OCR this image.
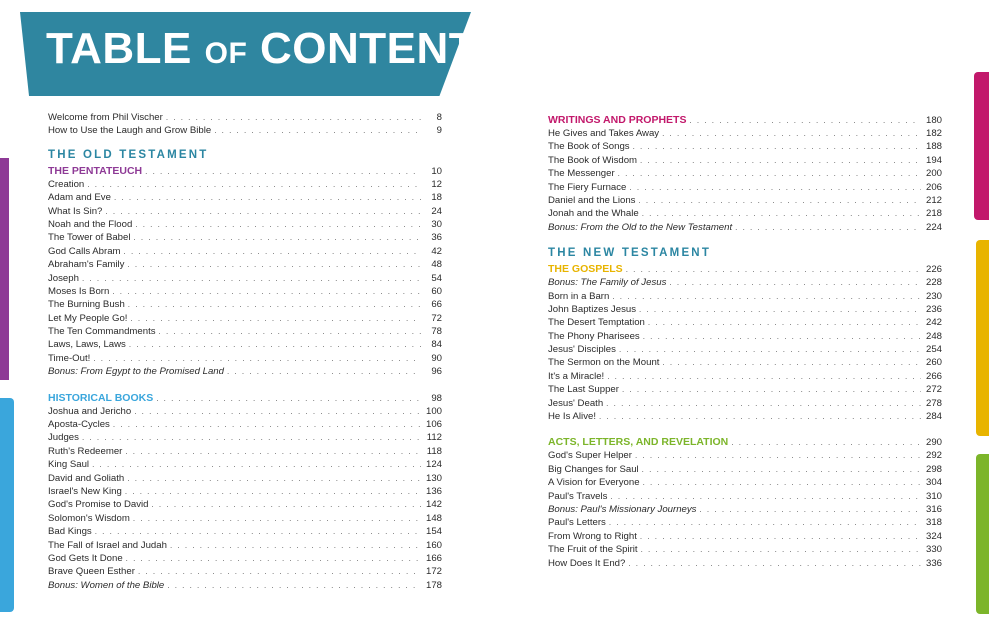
TABLE OF CONTENTS
Welcome from Phil Vischer . . .	8
How to Use the Laugh and Grow Bible . . .	9
THE OLD TESTAMENT
THE PENTATEUCH . . .	10
Creation . . .	12
Adam and Eve . . .	18
What Is Sin? . . .	24
Noah and the Flood . . .	30
The Tower of Babel . . .	36
God Calls Abram . . .	42
Abraham's Family . . .	48
Joseph . . .	54
Moses Is Born . . .	60
The Burning Bush . . .	66
Let My People Go! . . .	72
The Ten Commandments . . .	78
Laws, Laws, Laws . . .	84
Time-Out! . . .	90
Bonus: From Egypt to the Promised Land . . .	96
HISTORICAL BOOKS . . .	98
Joshua and Jericho . . .	100
Aposta-Cycles . . .	106
Judges . . .	112
Ruth's Redeemer . . .	118
King Saul . . .	124
David and Goliath . . .	130
Israel's New King . . .	136
God's Promise to David . . .	142
Solomon's Wisdom . . .	148
Bad Kings . . .	154
The Fall of Israel and Judah . . .	160
God Gets It Done . . .	166
Brave Queen Esther . . .	172
Bonus: Women of the Bible . . .	178
WRITINGS AND PROPHETS . . .	180
He Gives and Takes Away . . .	182
The Book of Songs . . .	188
The Book of Wisdom . . .	194
The Messenger . . .	200
The Fiery Furnace . . .	206
Daniel and the Lions . . .	212
Jonah and the Whale . . .	218
Bonus: From the Old to the New Testament . . .	224
THE NEW TESTAMENT
THE GOSPELS . . .	226
Bonus: The Family of Jesus . . .	228
Born in a Barn . . .	230
John Baptizes Jesus . . .	236
The Desert Temptation . . .	242
The Phony Pharisees . . .	248
Jesus' Disciples . . .	254
The Sermon on the Mount . . .	260
It's a Miracle! . . .	266
The Last Supper . . .	272
Jesus' Death . . .	278
He Is Alive! . . .	284
ACTS, LETTERS, AND REVELATION . . .	290
God's Super Helper . . .	292
Big Changes for Saul . . .	298
A Vision for Everyone . . .	304
Paul's Travels . . .	310
Bonus: Paul's Missionary Journeys . . .	316
Paul's Letters . . .	318
From Wrong to Right . . .	324
The Fruit of the Spirit . . .	330
How Does It End? . . .	336
